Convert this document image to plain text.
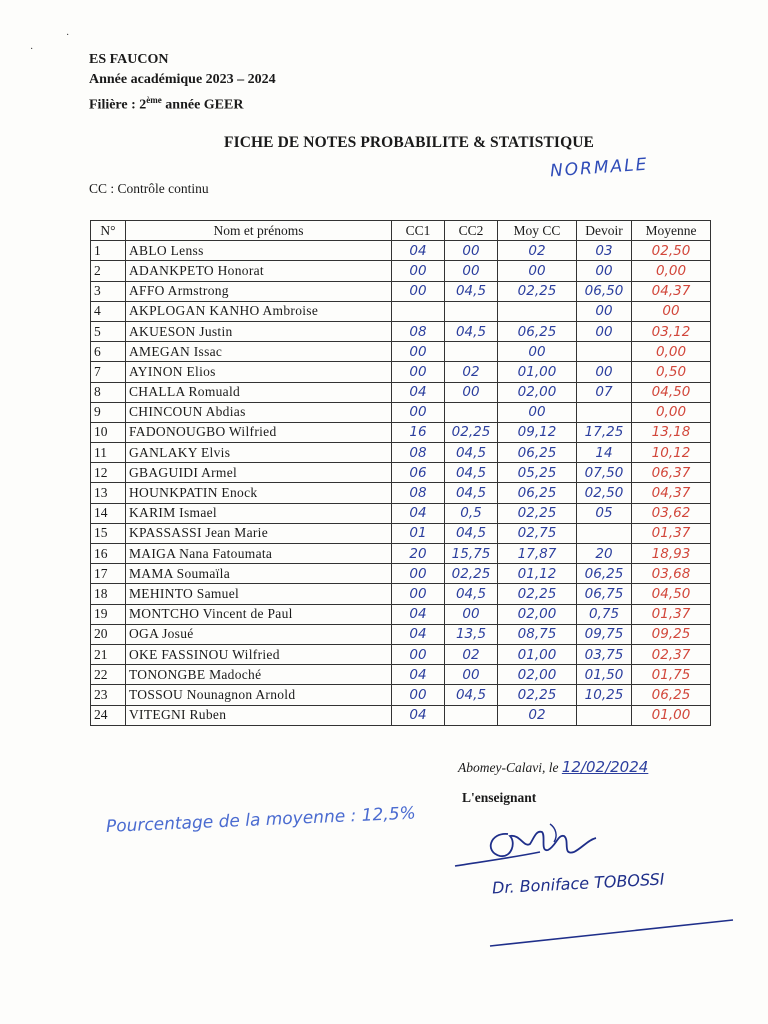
·
·
ES FAUCON
Année académique 2023 – 2024
Filière : 2ème année GEER
FICHE DE NOTES PROBABILITE & STATISTIQUE
NORMALE
CC : Contrôle continu
N°	Nom et prénoms	CC1	CC2	Moy CC	Devoir	Moyenne
1	ABLO Lenss	04	00	02	03	02,50
2	ADANKPETO Honorat	00	00	00	00	0,00
3	AFFO Armstrong	00	04,5	02,25	06,50	04,37
4	AKPLOGAN KANHO Ambroise				00	00
5	AKUESON Justin	08	04,5	06,25	00	03,12
6	AMEGAN Issac	00		00		0,00
7	AYINON Elios	00	02	01,00	00	0,50
8	CHALLA Romuald	04	00	02,00	07	04,50
9	CHINCOUN Abdias	00		00		0,00
10	FADONOUGBO Wilfried	16	02,25	09,12	17,25	13,18
11	GANLAKY Elvis	08	04,5	06,25	14	10,12
12	GBAGUIDI Armel	06	04,5	05,25	07,50	06,37
13	HOUNKPATIN Enock	08	04,5	06,25	02,50	04,37
14	KARIM Ismael	04	0,5	02,25	05	03,62
15	KPASSASSI Jean Marie	01	04,5	02,75		01,37
16	MAIGA Nana Fatoumata	20	15,75	17,87	20	18,93
17	MAMA Soumaïla	00	02,25	01,12	06,25	03,68
18	MEHINTO Samuel	00	04,5	02,25	06,75	04,50
19	MONTCHO Vincent de Paul	04	00	02,00	0,75	01,37
20	OGA Josué	04	13,5	08,75	09,75	09,25
21	OKE FASSINOU Wilfried	00	02	01,00	03,75	02,37
22	TONONGBE Madoché	04	00	02,00	01,50	01,75
23	TOSSOU Nounagnon Arnold	00	04,5	02,25	10,25	06,25
24	VITEGNI Ruben	04		02		01,00
Abomey-Calavi, le 12/02/2024
L'enseignant
Pourcentage de la moyenne : 12,5%
Dr. Boniface TOBOSSI
